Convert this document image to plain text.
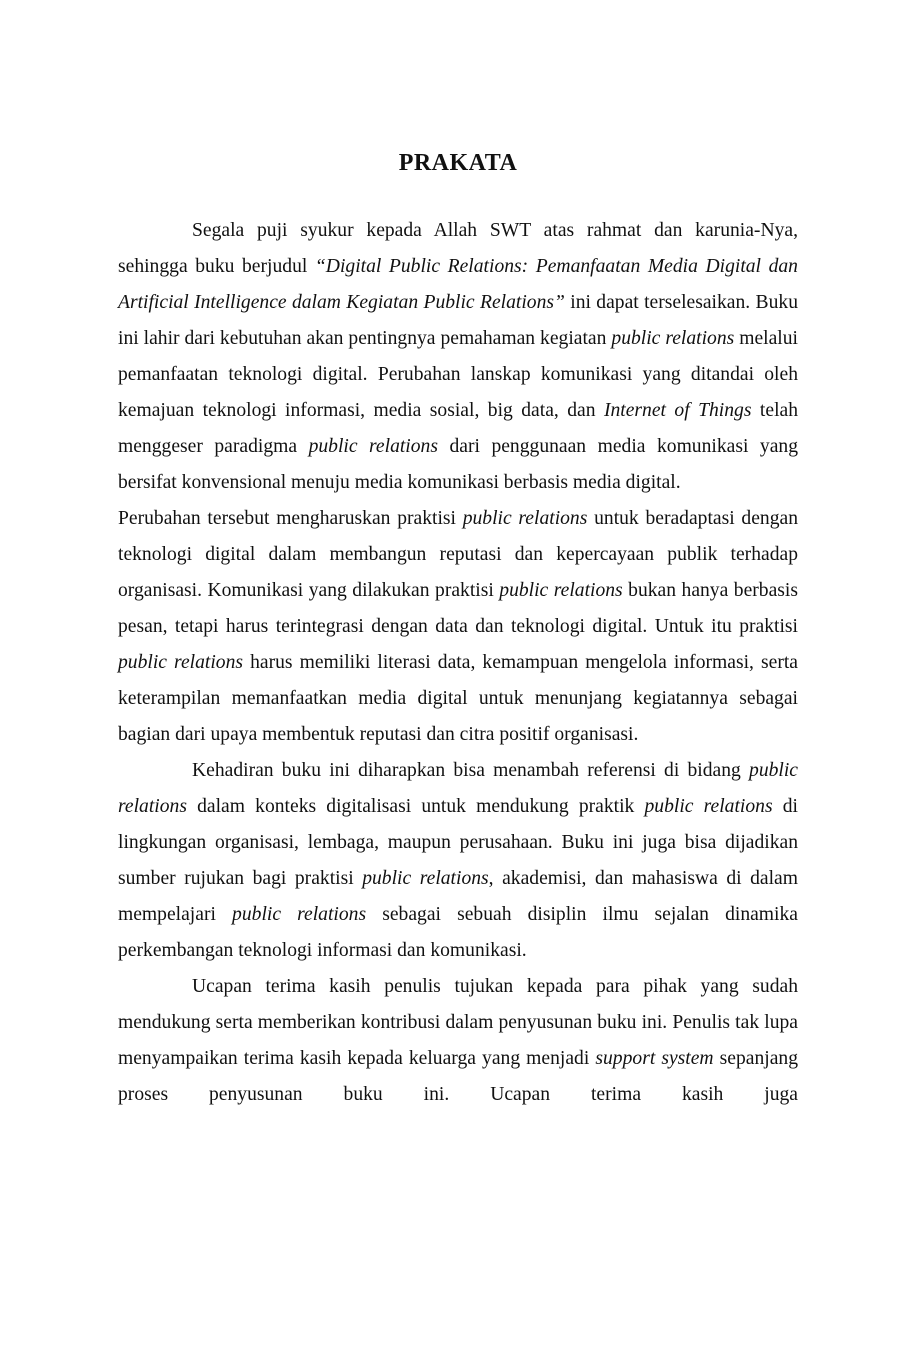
PRAKATA

Segala puji syukur kepada Allah SWT atas rahmat dan karunia-Nya, sehingga buku berjudul “Digital Public Relations: Pemanfaatan Media Digital dan Artificial Intelligence dalam Kegiatan Public Relations” ini dapat terselesaikan. Buku ini lahir dari kebutuhan akan pentingnya pemahaman kegiatan public relations melalui pemanfaatan teknologi digital. Perubahan lanskap komunikasi yang ditandai oleh kemajuan teknologi informasi, media sosial, big data, dan Internet of Things telah menggeser paradigma public relations dari penggunaan media komunikasi yang bersifat konvensional menuju media komunikasi berbasis media digital.

Perubahan tersebut mengharuskan praktisi public relations untuk beradaptasi dengan teknologi digital dalam membangun reputasi dan kepercayaan publik terhadap organisasi. Komunikasi yang dilakukan praktisi public relations bukan hanya berbasis pesan, tetapi harus terintegrasi dengan data dan teknologi digital. Untuk itu praktisi public relations harus memiliki literasi data, kemampuan mengelola informasi, serta keterampilan memanfaatkan media digital untuk menunjang kegiatannya sebagai bagian dari upaya membentuk reputasi dan citra positif organisasi.

Kehadiran buku ini diharapkan bisa menambah referensi di bidang public relations dalam konteks digitalisasi untuk mendukung praktik public relations di lingkungan organisasi, lembaga, maupun perusahaan. Buku ini juga bisa dijadikan sumber rujukan bagi praktisi public relations, akademisi, dan mahasiswa di dalam mempelajari public relations sebagai sebuah disiplin ilmu sejalan dinamika perkembangan teknologi informasi dan komunikasi.

Ucapan terima kasih penulis tujukan kepada para pihak yang sudah mendukung serta memberikan kontribusi dalam penyusunan buku ini. Penulis tak lupa menyampaikan terima kasih kepada keluarga yang menjadi support system sepanjang proses penyusunan buku ini. Ucapan terima kasih juga
